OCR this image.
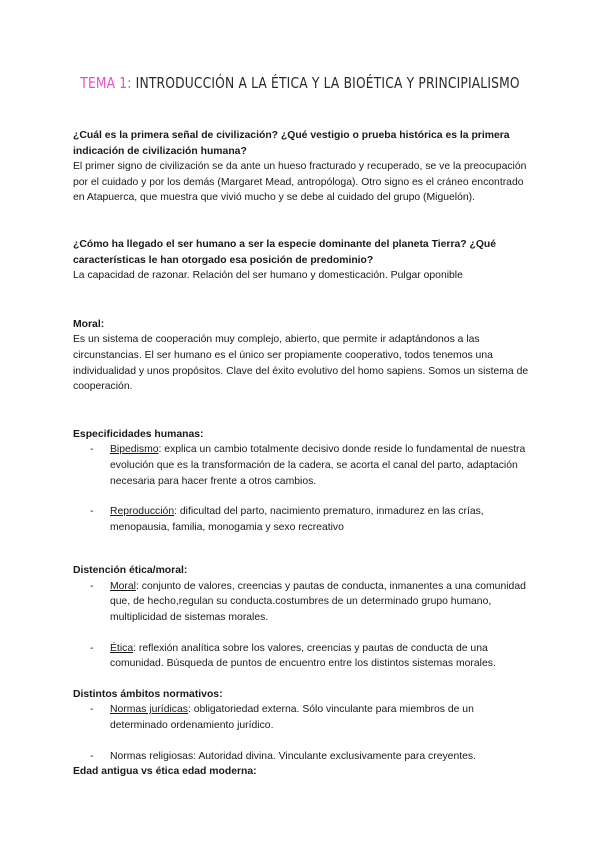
TEMA 1: INTRODUCCIÓN A LA ÉTICA Y LA BIOÉTICA Y PRINCIPIALISMO

¿Cuál es la primera señal de civilización? ¿Qué vestigio o prueba histórica es la primera indicación de civilización humana?

El primer signo de civilización se da ante un hueso fracturado y recuperado, se ve la preocupación por el cuidado y por los demás (Margaret Mead, antropóloga). Otro signo es el cráneo encontrado en Atapuerca, que muestra que vivió mucho y se debe al cuidado del grupo (Miguelón).

¿Cómo ha llegado el ser humano a ser la especie dominante del planeta Tierra? ¿Qué características le han otorgado esa posición de predominio?

La capacidad de razonar. Relación del ser humano y domesticación. Pulgar oponible

Moral:

Es un sistema de cooperación muy complejo, abierto, que permite ir adaptándonos a las circunstancias. El ser humano es el único ser propiamente cooperativo, todos tenemos una individualidad y unos propósitos. Clave del éxito evolutivo del homo sapiens. Somos un sistema de cooperación.

Especificidades humanas:

- Bipedismo: explica un cambio totalmente decisivo donde reside lo fundamental de nuestra evolución que es la transformación de la cadera, se acorta el canal del parto, adaptación necesaria para hacer frente a otros cambios.
- Reproducción: dificultad del parto, nacimiento prematuro, inmadurez en las crías, menopausia, familia, monogamia y sexo recreativo

Distención ética/moral:

- Moral: conjunto de valores, creencias y pautas de conducta, inmanentes a una comunidad que, de hecho,regulan su conducta.costumbres de un determinado grupo humano, multiplicidad de sistemas morales.
- Ética: reflexión analítica sobre los valores, creencias y pautas de conducta de una comunidad. Búsqueda de puntos de encuentro entre los distintos sistemas morales.

Distintos ámbitos normativos:

- Normas jurídicas: obligatoriedad externa. Sólo vinculante para miembros de un determinado ordenamiento jurídico.
- Normas religiosas: Autoridad divina. Vinculante exclusivamente para creyentes.

Edad antigua vs ética edad moderna:
